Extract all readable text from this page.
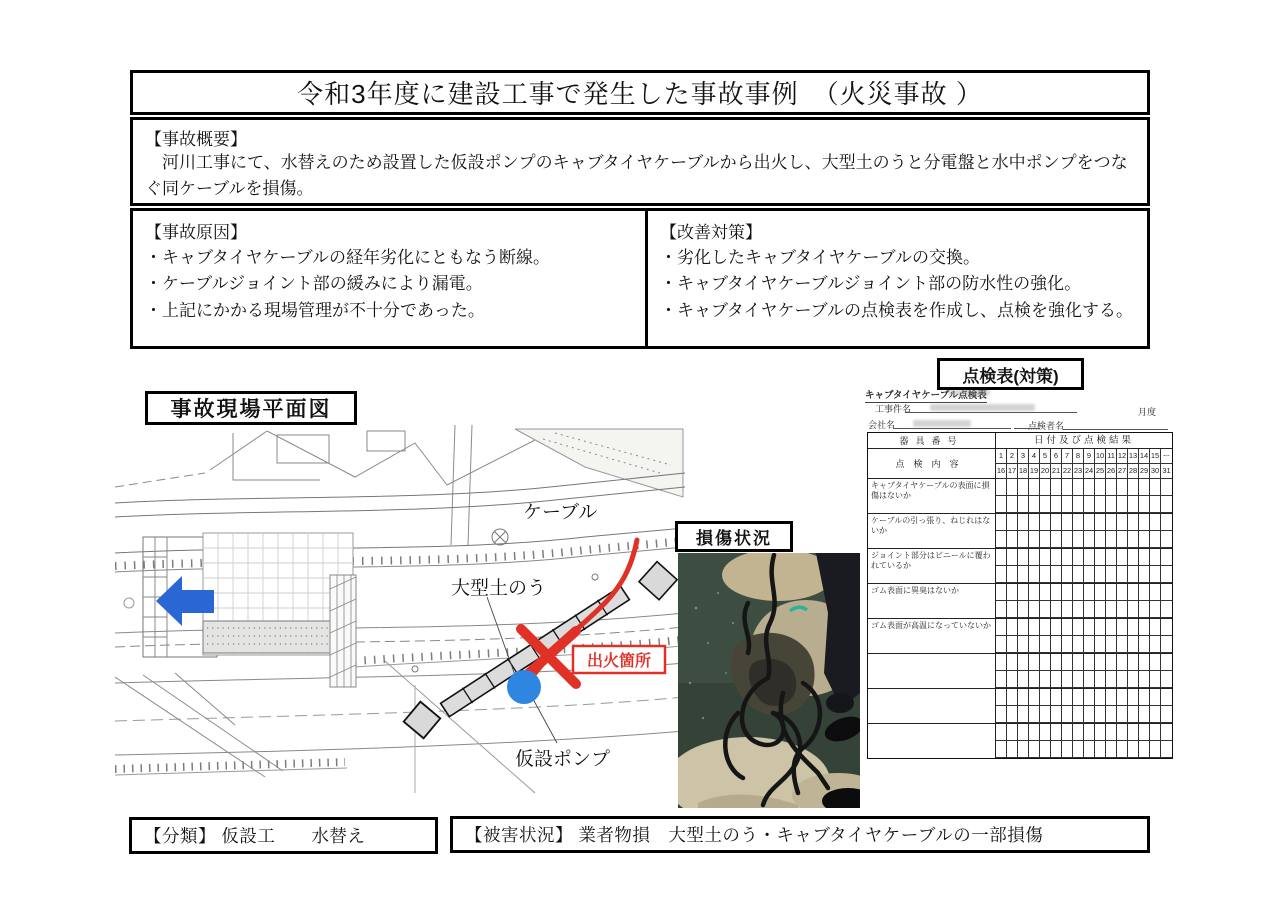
令和3年度に建設工事で発生した事故事例　（火災事故 ）
【事故概要】
　河川工事にて、水替えのため設置した仮設ポンプのキャブタイヤケーブルから出火し、大型土のうと分電盤と水中ポンプをつなぐ同ケーブルを損傷。
【事故原因】
・キャブタイヤケーブルの経年劣化にともなう断線。
・ケーブルジョイント部の緩みにより漏電。
・上記にかかる現場管理が不十分であった。
【改善対策】
・劣化したキャブタイヤケーブルの交換。
・キャブタイヤケーブルジョイント部の防水性の強化。
・キャブタイヤケーブルの点検表を作成し、点検を強化する。
事故現場平面図
出火箇所
ケーブル
大型土のう
仮設ポンプ
損傷状況
点検表(対策)
キャブタイヤケーブル点検表
工事件名	月度
会社名	点検者名
器具番号	日付及び点検結果
点検内容
1 2 3 4 5 6 7 8 9 10 11 12 13 14 15 ー
16 17 18 19 20 21 22 23 24 25 26 27 28 29 30 31
キャブタイヤケーブルの表面に損傷はないか
ケーブルの引っ張り、ねじれはないか
ジョイント部分はビニールに覆われているか
ゴム表面に異臭はないか
ゴム表面が高温になっていないか
【分類】 仮設工　　水替え	【被害状況】 業者物損　大型土のう・キャブタイヤケーブルの一部損傷
